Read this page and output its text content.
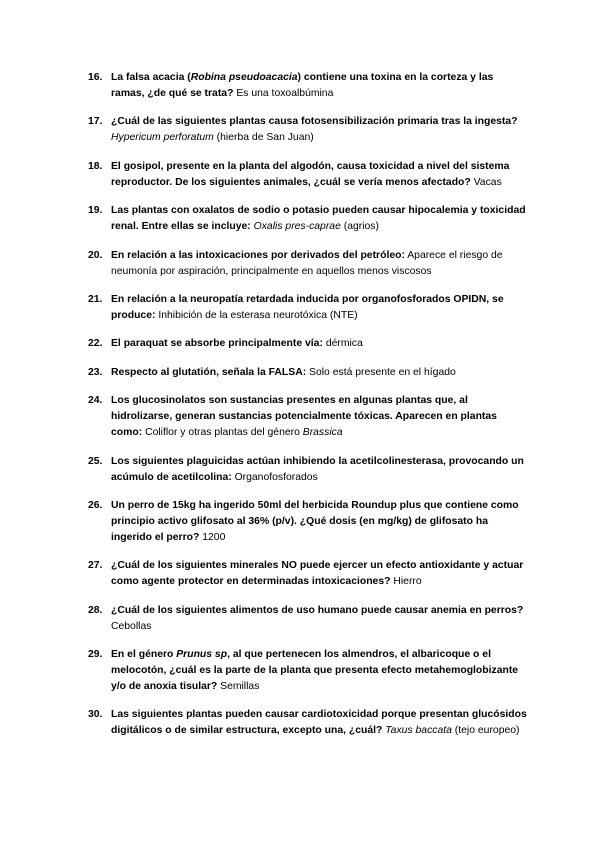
16. La falsa acacia (Robina pseudoacacia) contiene una toxina en la corteza y las ramas, ¿de qué se trata? Es una toxoalbúmina
17. ¿Cuál de las siguientes plantas causa fotosensibilización primaria tras la ingesta? Hypericum perforatum (hierba de San Juan)
18. El gosipol, presente en la planta del algodón, causa toxicidad a nivel del sistema reproductor. De los siguientes animales, ¿cuál se vería menos afectado? Vacas
19. Las plantas con oxalatos de sodio o potasio pueden causar hipocalemia y toxicidad renal. Entre ellas se incluye: Oxalis pres-caprae (agrios)
20. En relación a las intoxicaciones por derivados del petróleo: Aparece el riesgo de neumonía por aspiración, principalmente en aquellos menos viscosos
21. En relación a la neuropatía retardada inducida por organofosforados OPIDN, se produce: Inhibición de la esterasa neurotóxica (NTE)
22. El paraquat se absorbe principalmente vía: dérmica
23. Respecto al glutatión, señala la FALSA: Solo está presente en el hígado
24. Los glucosinolatos son sustancias presentes en algunas plantas que, al hidrolizarse, generan sustancias potencialmente tóxicas. Aparecen en plantas como: Coliflor y otras plantas del género Brassica
25. Los siguientes plaguicidas actúan inhibiendo la acetilcolinesterasa, provocando un acúmulo de acetilcolina: Organofosforados
26. Un perro de 15kg ha ingerido 50ml del herbicida Roundup plus que contiene como principio activo glifosato al 36% (p/v). ¿Qué dosis (en mg/kg) de glifosato ha ingerido el perro? 1200
27. ¿Cuál de los siguientes minerales NO puede ejercer un efecto antioxidante y actuar como agente protector en determinadas intoxicaciones? Hierro
28. ¿Cuál de los siguientes alimentos de uso humano puede causar anemia en perros? Cebollas
29. En el género Prunus sp, al que pertenecen los almendros, el albaricoque o el melocotón, ¿cuál es la parte de la planta que presenta efecto metahemoglobizante y/o de anoxia tisular? Semillas
30. Las siguientes plantas pueden causar cardiotoxicidad porque presentan glucósidos digitálicos o de similar estructura, excepto una, ¿cuál? Taxus baccata (tejo europeo)
